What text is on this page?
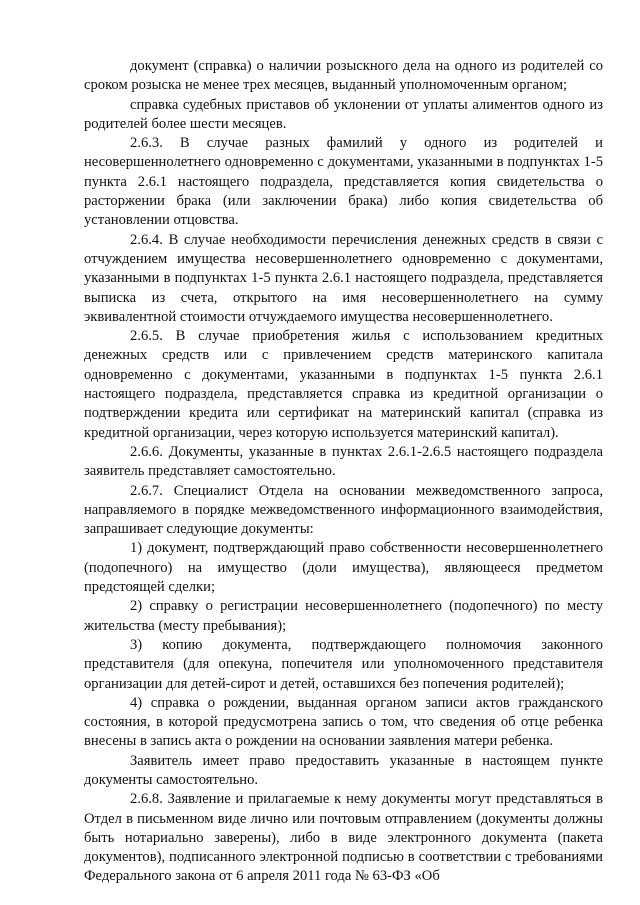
документ (справка) о наличии розыскного дела на одного из родителей со сроком розыска не менее трех месяцев, выданный уполномоченным органом;

справка судебных приставов об уклонении от уплаты алиментов одного из родителей более шести месяцев.

2.6.3. В случае разных фамилий у одного из родителей и несовершеннолетнего одновременно с документами, указанными в подпунктах 1-5 пункта 2.6.1 настоящего подраздела, представляется копия свидетельства о расторжении брака (или заключении брака) либо копия свидетельства об установлении отцовства.

2.6.4. В случае необходимости перечисления денежных средств в связи с отчуждением имущества несовершеннолетнего одновременно с документами, указанными в подпунктах 1-5 пункта 2.6.1 настоящего подраздела, представляется выписка из счета, открытого на имя несовершеннолетнего на сумму эквивалентной стоимости отчуждаемого имущества несовершеннолетнего.

2.6.5. В случае приобретения жилья с использованием кредитных денежных средств или с привлечением средств материнского капитала одновременно с документами, указанными в подпунктах 1-5 пункта 2.6.1 настоящего подраздела, представляется справка из кредитной организации о подтверждении кредита или сертификат на материнский капитал (справка из кредитной организации, через которую используется материнский капитал).

2.6.6. Документы, указанные в пунктах 2.6.1-2.6.5 настоящего подраздела заявитель представляет самостоятельно.

2.6.7. Специалист Отдела на основании межведомственного запроса, направляемого в порядке межведомственного информационного взаимодействия, запрашивает следующие документы:

1) документ, подтверждающий право собственности несовершеннолетнего (подопечного) на имущество (доли имущества), являющееся предметом предстоящей сделки;

2) справку о регистрации несовершеннолетнего (подопечного) по месту жительства (месту пребывания);

3) копию документа, подтверждающего полномочия законного представителя (для опекуна, попечителя или уполномоченного представителя организации для детей-сирот и детей, оставшихся без попечения родителей);

4) справка о рождении, выданная органом записи актов гражданского состояния, в которой предусмотрена запись о том, что сведения об отце ребенка внесены в запись акта о рождении на основании заявления матери ребенка.

Заявитель имеет право предоставить указанные в настоящем пункте документы самостоятельно.

2.6.8. Заявление и прилагаемые к нему документы могут представляться в Отдел в письменном виде лично или почтовым отправлением (документы должны быть нотариально заверены), либо в виде электронного документа (пакета документов), подписанного электронной подписью в соответствии с требованиями Федерального закона от 6 апреля 2011 года № 63-ФЗ «Об
